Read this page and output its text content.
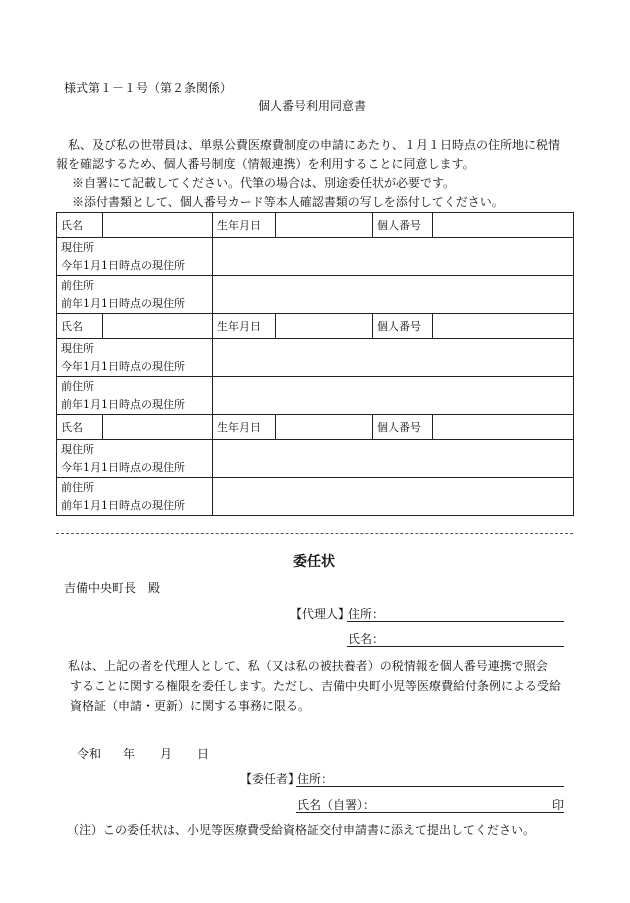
様式第１－１号（第２条関係）
個人番号利用同意書
　私、及び私の世帯員は、単県公費医療費制度の申請にあたり、１月１日時点の住所地に税情
報を確認するため、個人番号制度（情報連携）を利用することに同意します。
※自署にて記載してください。代筆の場合は、別途委任状が必要です。
※添付書類として、個人番号カード等本人確認書類の写しを添付してください。
氏名		生年月日		個人番号	

現住所
今年1月1日時点の現住所					

前住所
前年1月1日時点の現住所					

氏名		生年月日		個人番号	

現住所
今年1月1日時点の現住所					

前住所
前年1月1日時点の現住所					

氏名		生年月日		個人番号	

現住所
今年1月1日時点の現住所					

前住所
前年1月1日時点の現住所					

委任状
吉備中央町長　殿
【代理人】
住所：
氏名：
　私は、上記の者を代理人として、私（又は私の被扶養者）の税情報を個人番号連携で照会
することに関する権限を委任します。ただし、吉備中央町小児等医療費給付条例による受給
資格証（申請・更新）に関する事務に限る。
令和 年 月 日
【委任者】
住所：
氏名（自署）：	印
（注）この委任状は、小児等医療費受給資格証交付申請書に添えて提出してください。
